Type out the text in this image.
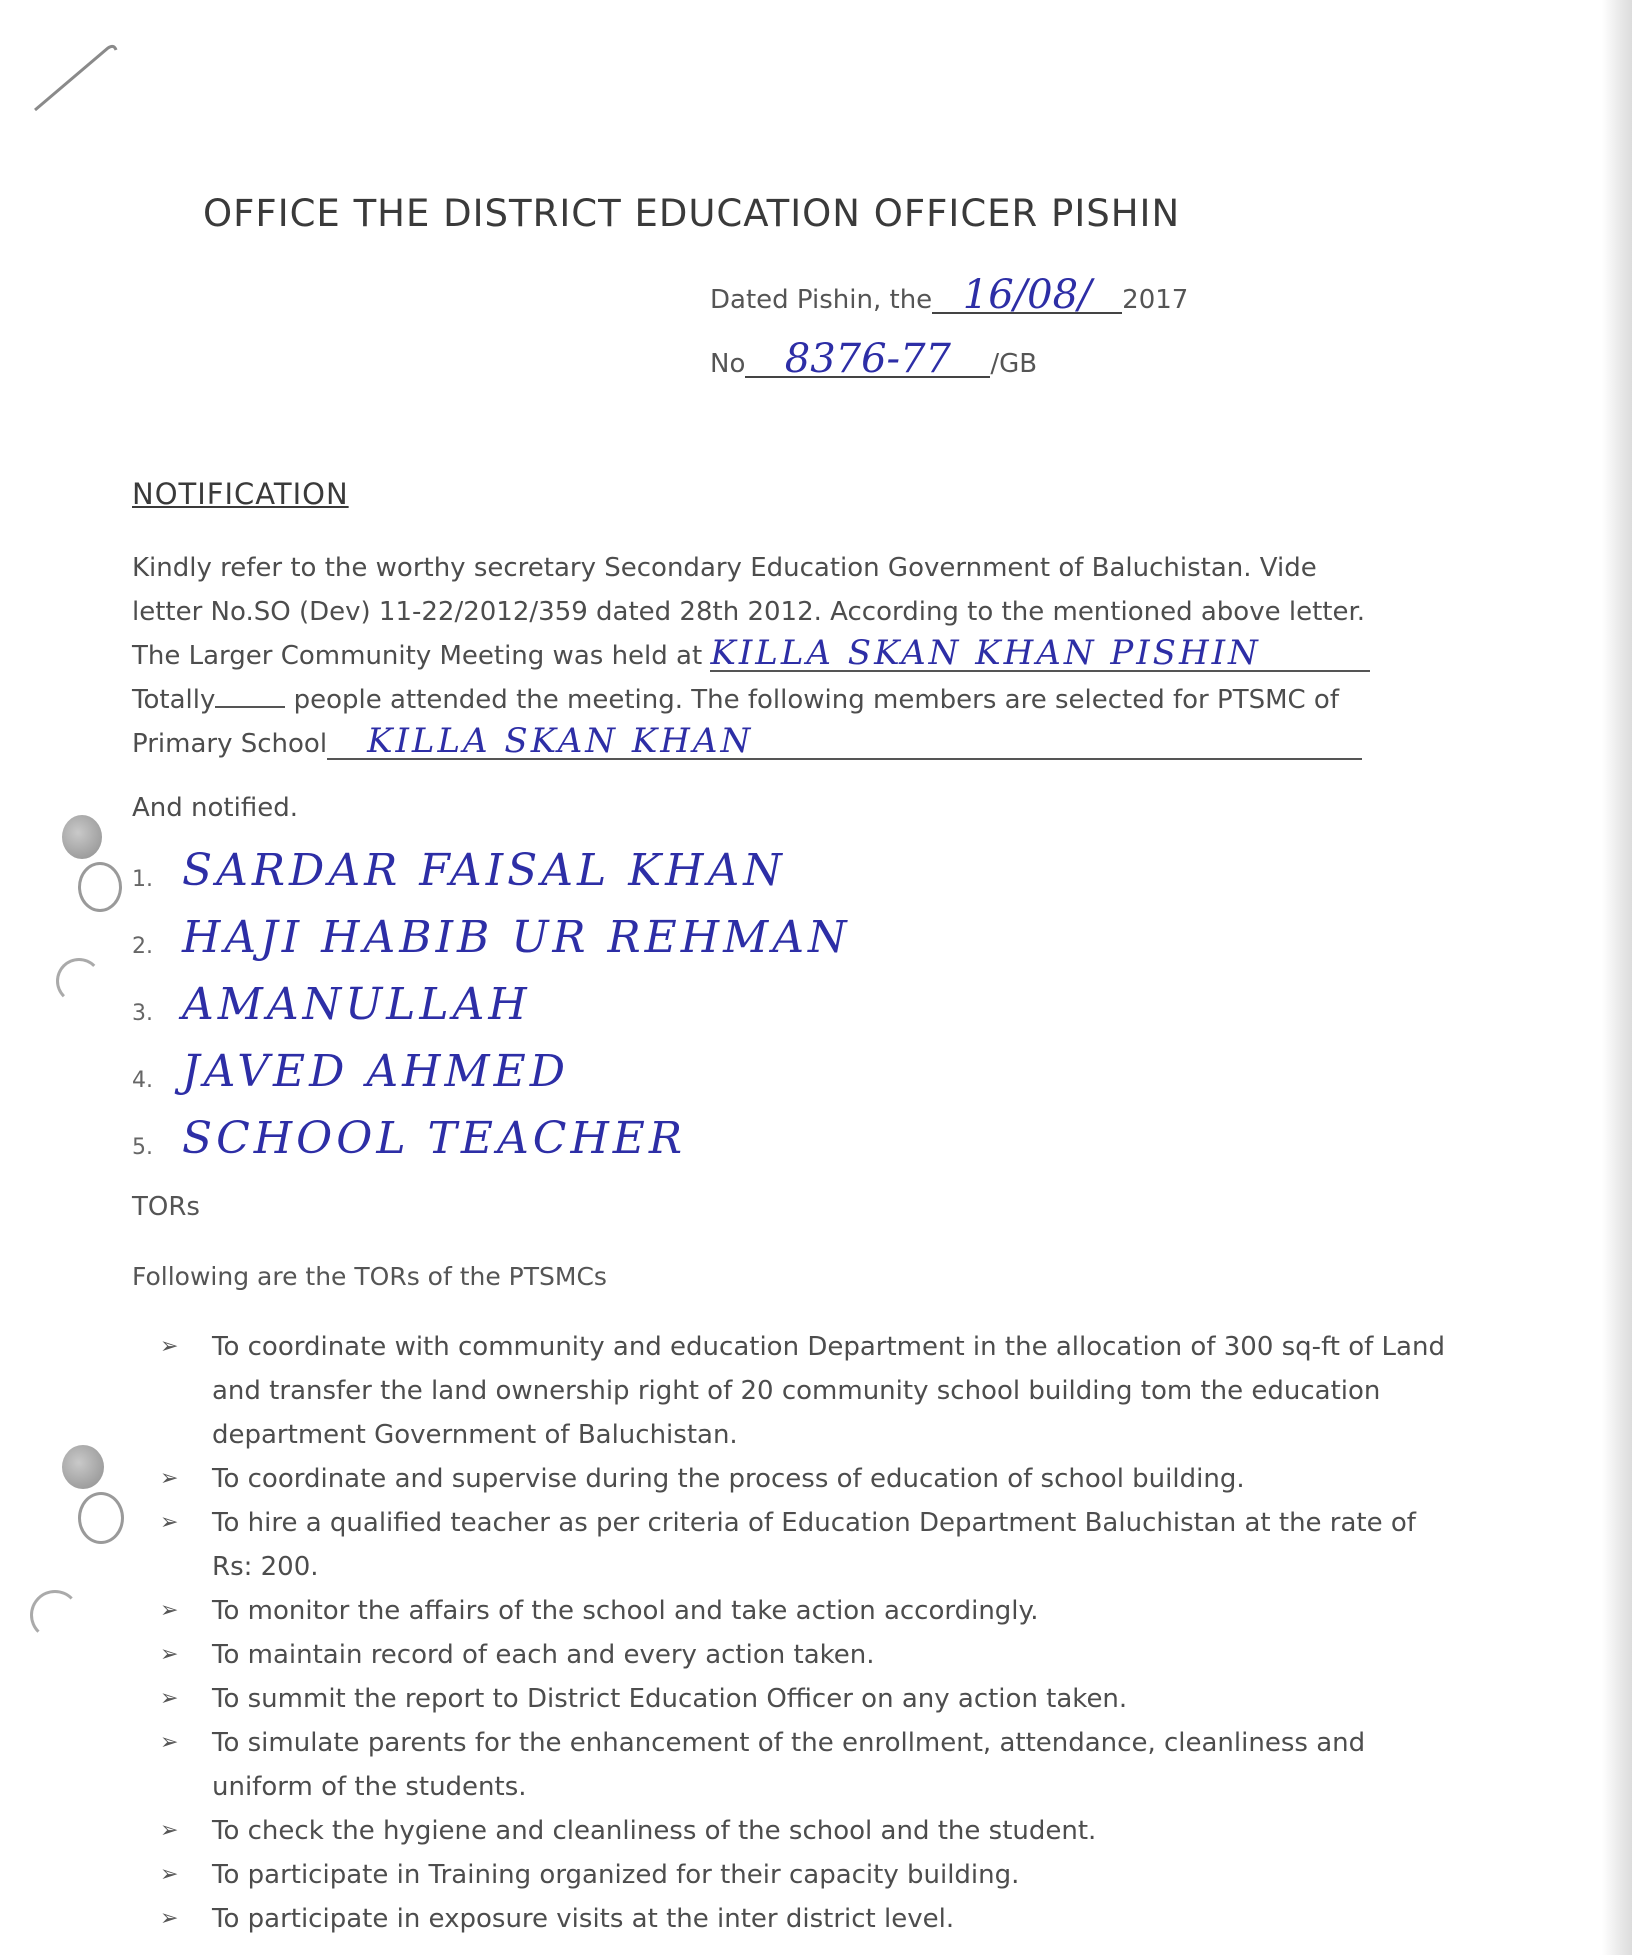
OFFICE THE DISTRICT EDUCATION OFFICER PISHIN
Dated Pishin, the 16/08/ 2017
No 8376-77 /GB
NOTIFICATION
Kindly refer to the worthy secretary Secondary Education Government of Baluchistan. Vide
letter No.SO (Dev) 11-22/2012/359 dated 28th 2012. According to the mentioned above letter.
The Larger Community Meeting was held at KILLA SKAN KHAN PISHIN
Totally	people attended the meeting. The following members are selected for PTSMC of
Primary School KILLA SKAN KHAN
And notified.
1. SARDAR FAISAL KHAN
2. HAJI HABIB UR REHMAN
3. AMANULLAH
4. JAVED AHMED
5. SCHOOL TEACHER
TORs
Following are the TORs of the PTSMCs
➢ To coordinate with community and education Department in the allocation of 300 sq-ft of Land and transfer the land ownership right of 20 community school building tom the education department Government of Baluchistan.
➢ To coordinate and supervise during the process of education of school building.
➢ To hire a qualified teacher as per criteria of Education Department Baluchistan at the rate of Rs: 200.
➢ To monitor the affairs of the school and take action accordingly.
➢ To maintain record of each and every action taken.
➢ To summit the report to District Education Officer on any action taken.
➢ To simulate parents for the enhancement of the enrollment, attendance, cleanliness and uniform of the students.
➢ To check the hygiene and cleanliness of the school and the student.
➢ To participate in Training organized for their capacity building.
➢ To participate in exposure visits at the inter district level.
